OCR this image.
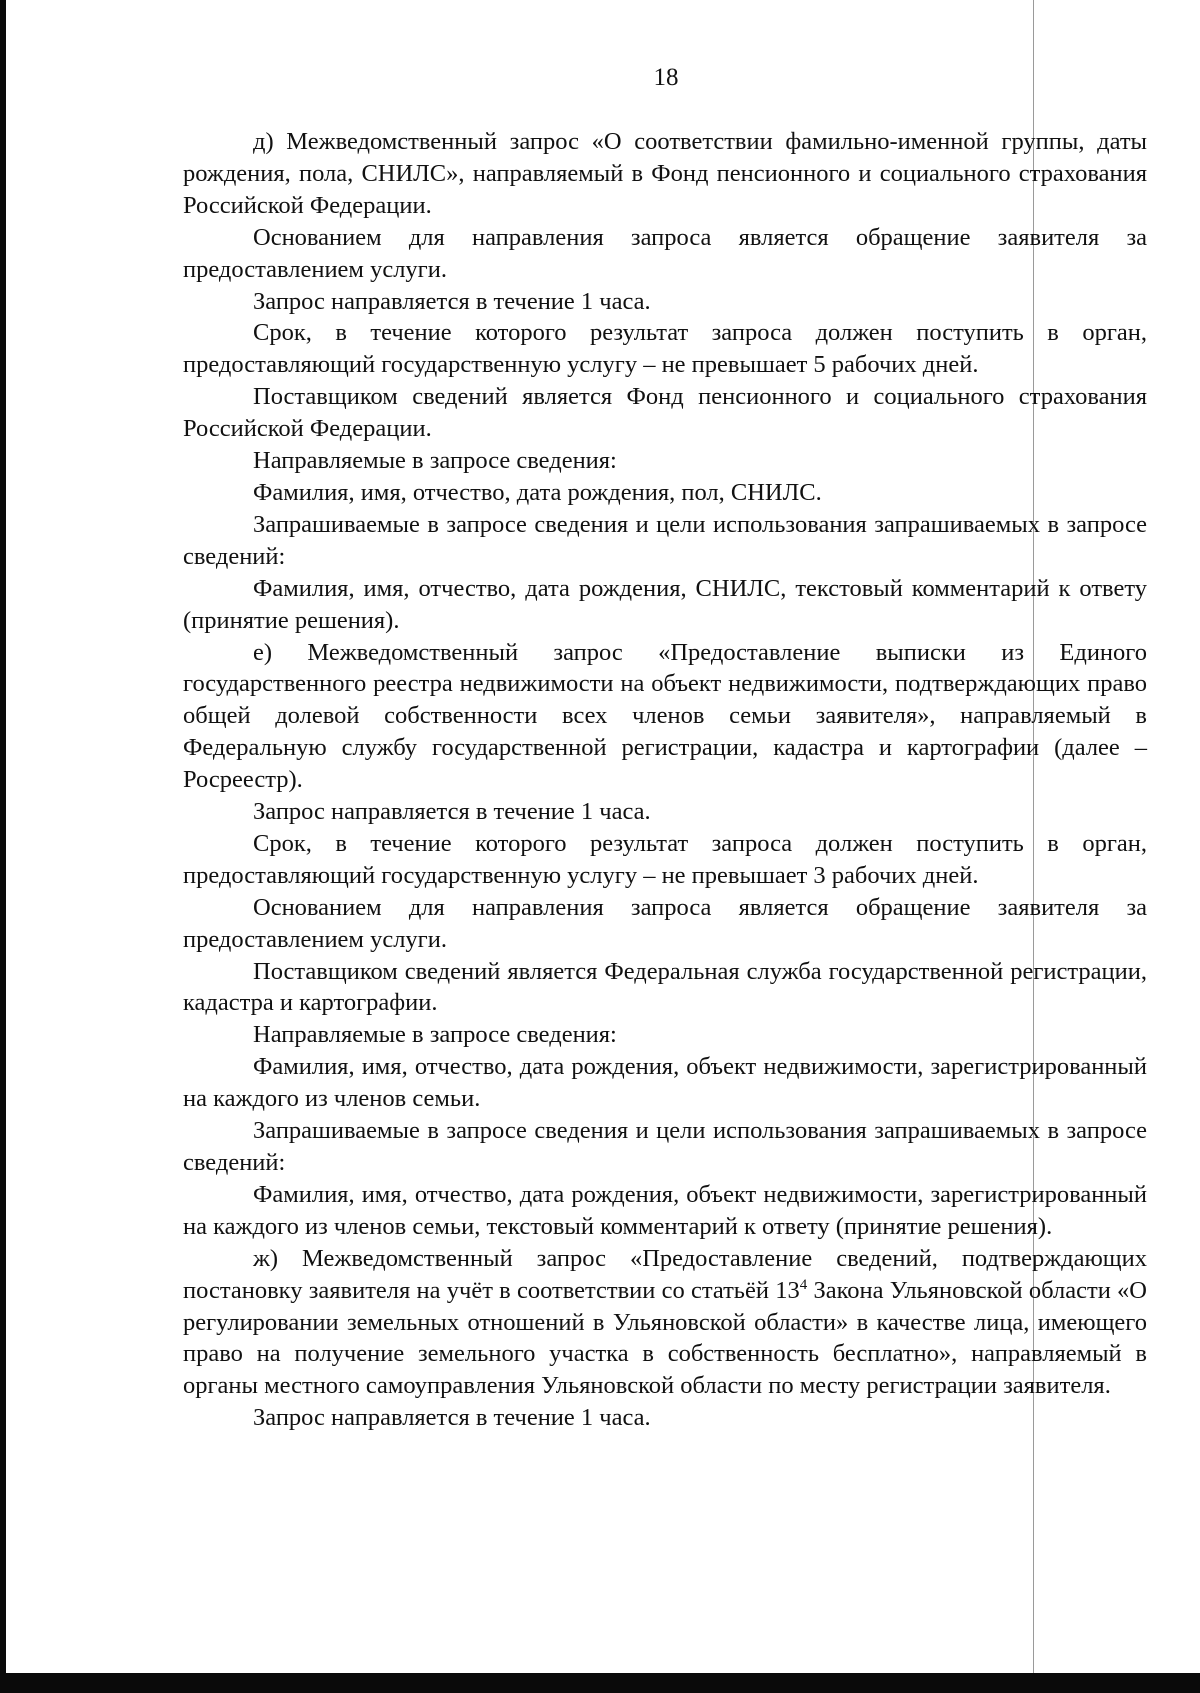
18

д) Межведомственный запрос «О соответствии фамильно-именной группы, даты рождения, пола, СНИЛС», направляемый в Фонд пенсионного и социального страхования Российской Федерации.

Основанием для направления запроса является обращение заявителя за предоставлением услуги.

Запрос направляется в течение 1 часа.

Срок, в течение которого результат запроса должен поступить в орган, предоставляющий государственную услугу – не превышает 5 рабочих дней.

Поставщиком сведений является Фонд пенсионного и социального страхования Российской Федерации.

Направляемые в запросе сведения:

Фамилия, имя, отчество, дата рождения, пол, СНИЛС.

Запрашиваемые в запросе сведения и цели использования запрашиваемых в запросе сведений:

Фамилия, имя, отчество, дата рождения, СНИЛС, текстовый комментарий к ответу (принятие решения).

е) Межведомственный запрос «Предоставление выписки из Единого государственного реестра недвижимости на объект недвижимости, подтверждающих право общей долевой собственности всех членов семьи заявителя», направляемый в Федеральную службу государственной регистрации, кадастра и картографии (далее – Росреестр).

Запрос направляется в течение 1 часа.

Срок, в течение которого результат запроса должен поступить в орган, предоставляющий государственную услугу – не превышает 3 рабочих дней.

Основанием для направления запроса является обращение заявителя за предоставлением услуги.

Поставщиком сведений является Федеральная служба государственной регистрации, кадастра и картографии.

Направляемые в запросе сведения:

Фамилия, имя, отчество, дата рождения, объект недвижимости, зарегистрированный на каждого из членов семьи.

Запрашиваемые в запросе сведения и цели использования запрашиваемых в запросе сведений:

Фамилия, имя, отчество, дата рождения, объект недвижимости, зарегистрированный на каждого из членов семьи, текстовый комментарий к ответу (принятие решения).

ж) Межведомственный запрос «Предоставление сведений, подтверждающих постановку заявителя на учёт в соответствии со статьёй $13^4$ Закона Ульяновской области «О регулировании земельных отношений в Ульяновской области» в качестве лица, имеющего право на получение земельного участка в собственность бесплатно», направляемый в органы местного самоуправления Ульяновской области по месту регистрации заявителя.

Запрос направляется в течение 1 часа.
